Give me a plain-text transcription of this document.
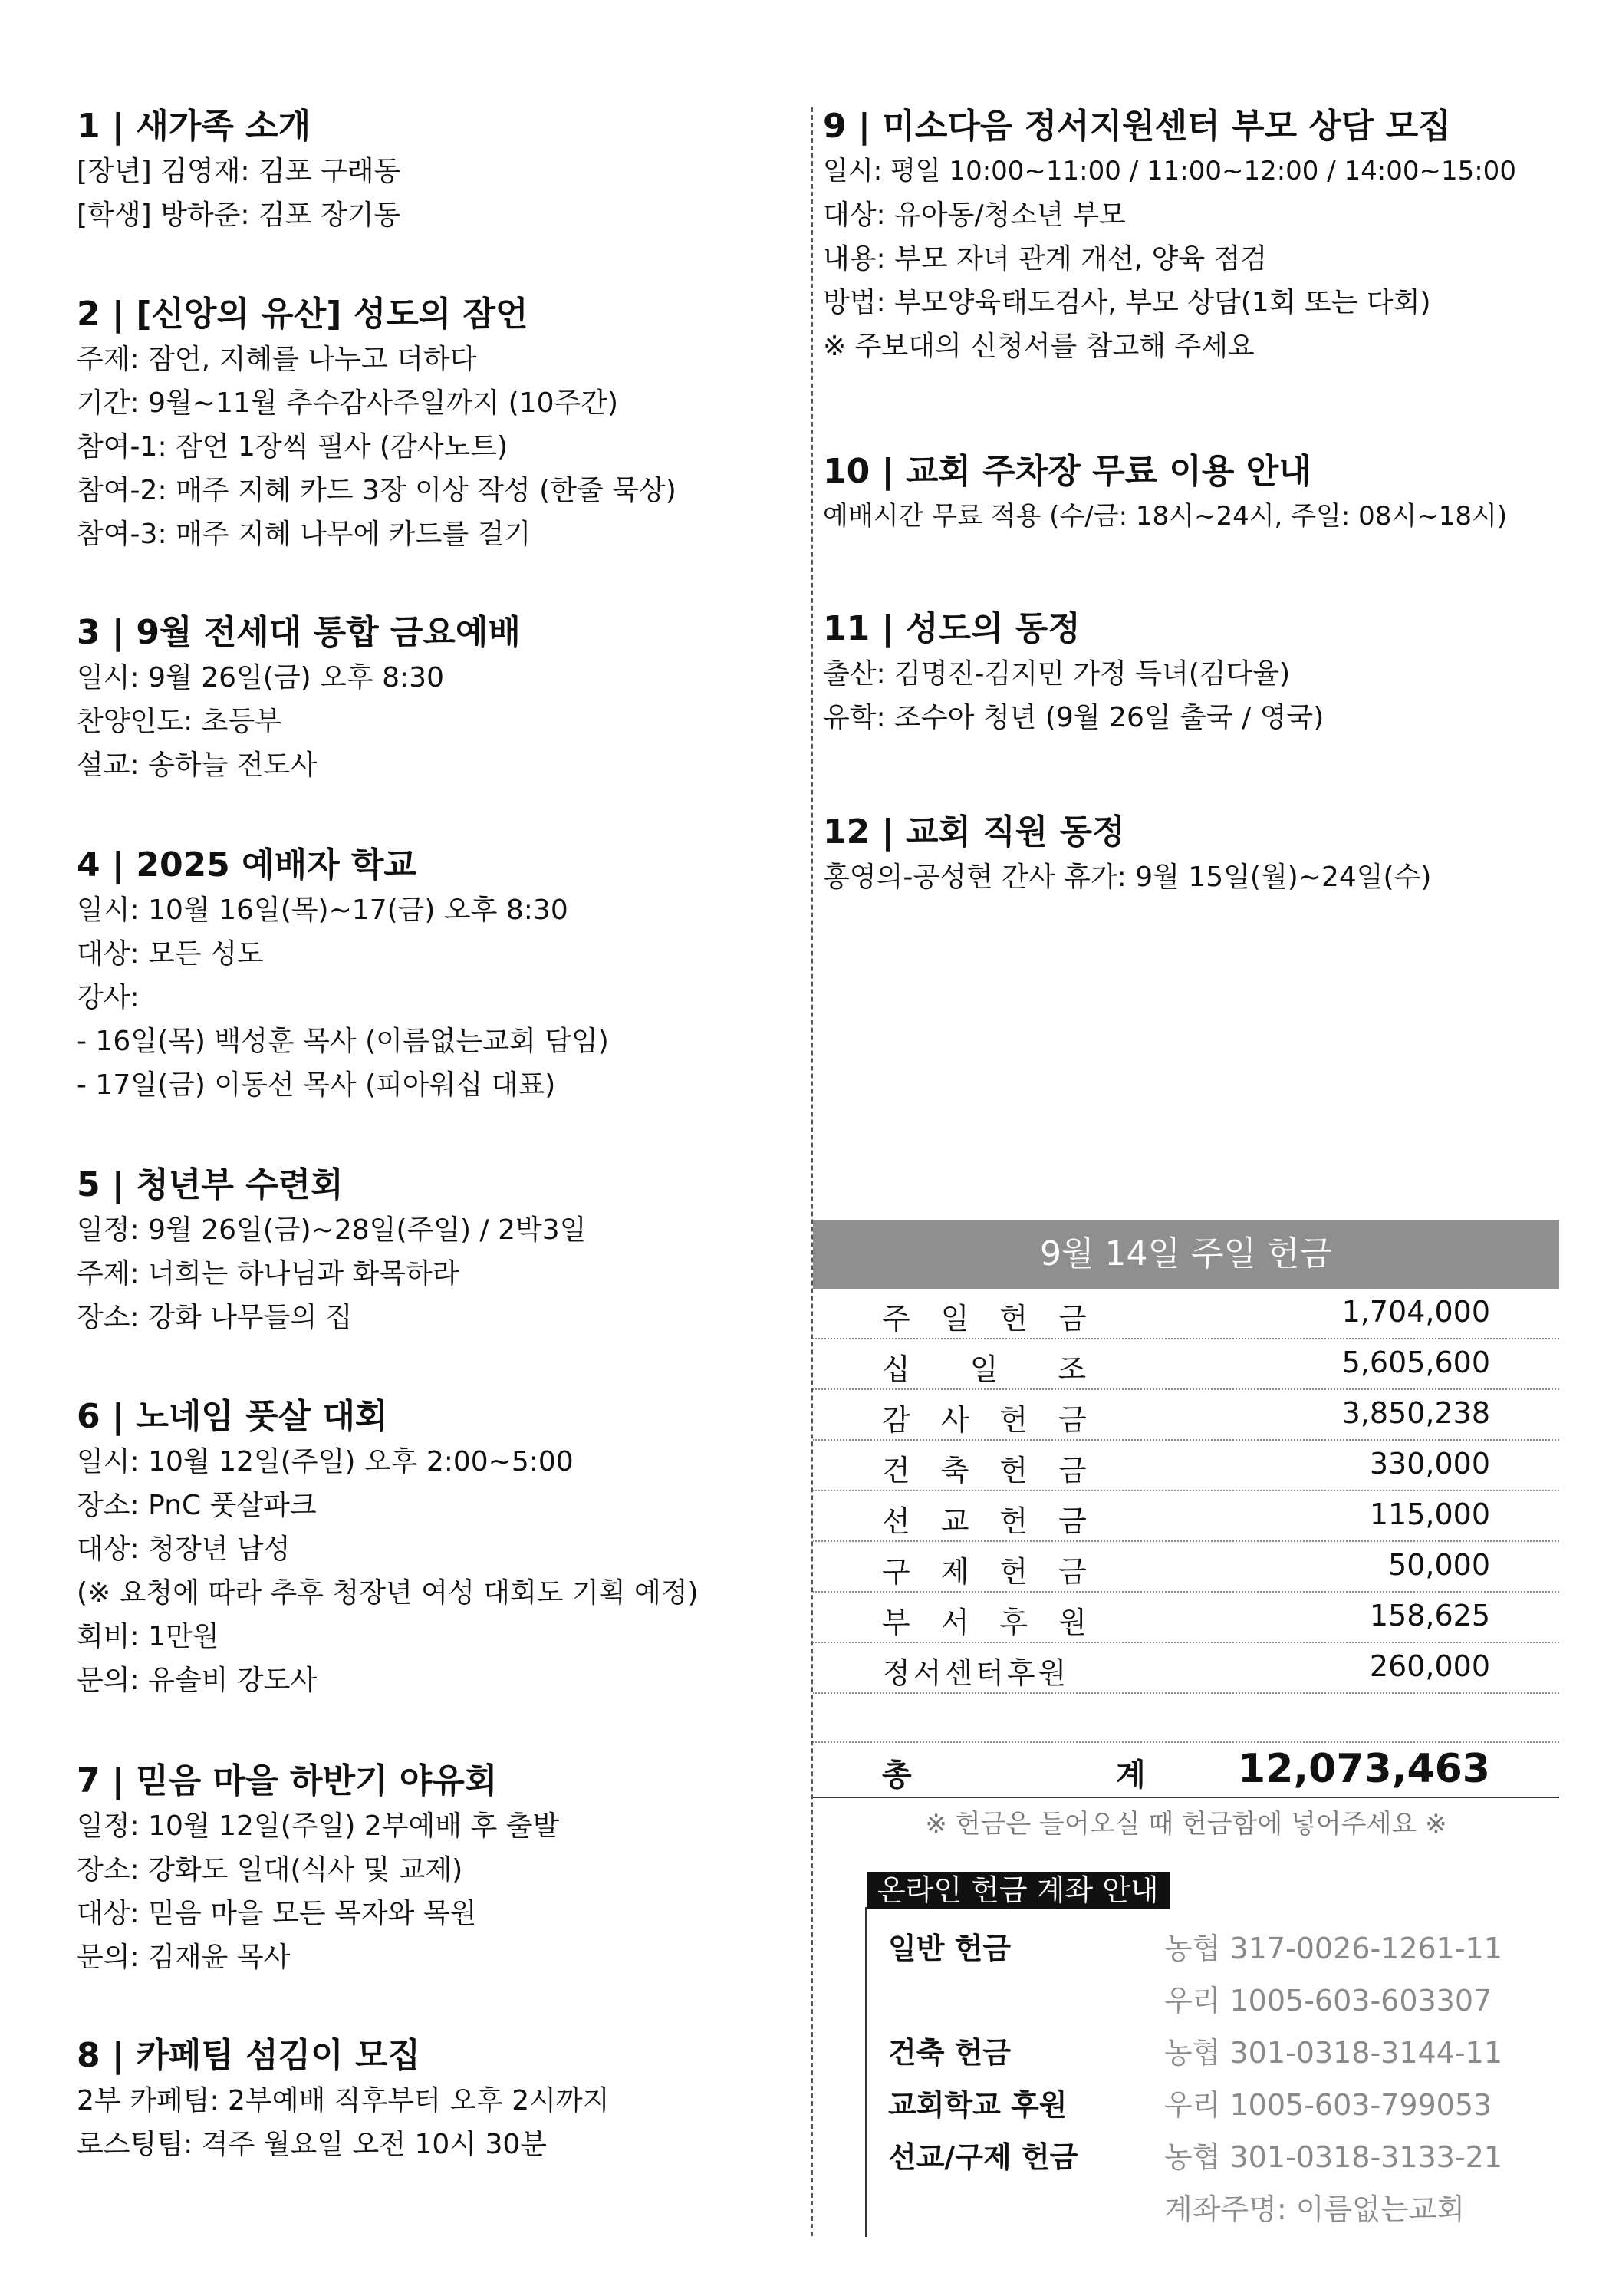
1 | 새가족 소개

[장년] 김영재: 김포 구래동

[학생] 방하준: 김포 장기동

2 | [신앙의 유산] 성도의 잠언

주제: 잠언, 지혜를 나누고 더하다

기간: 9월~11월 추수감사주일까지 (10주간)

참여-1: 잠언 1장씩 필사 (감사노트)

참여-2: 매주 지혜 카드 3장 이상 작성 (한줄 묵상)

참여-3: 매주 지혜 나무에 카드를 걸기

3 | 9월 전세대 통합 금요예배

일시: 9월 26일(금) 오후 8:30

찬양인도: 초등부

설교: 송하늘 전도사

4 | 2025 예배자 학교

일시: 10월 16일(목)~17(금) 오후 8:30

대상: 모든 성도

강사:

- 16일(목) 백성훈 목사 (이름없는교회 담임)

- 17일(금) 이동선 목사 (피아워십 대표)

5 | 청년부 수련회

일정: 9월 26일(금)~28일(주일) / 2박3일

주제: 너희는 하나님과 화목하라

장소: 강화 나무들의 집

6 | 노네임 풋살 대회

일시: 10월 12일(주일) 오후 2:00~5:00

장소: PnC 풋살파크

대상: 청장년 남성

(※ 요청에 따라 추후 청장년 여성 대회도 기획 예정)

회비: 1만원

문의: 유솔비 강도사

7 | 믿음 마을 하반기 야유회

일정: 10월 12일(주일) 2부예배 후 출발

장소: 강화도 일대(식사 및 교제)

대상: 믿음 마을 모든 목자와 목원

문의: 김재윤 목사

8 | 카페팀 섬김이 모집

2부 카페팀: 2부예배 직후부터 오후 2시까지

로스팅팀: 격주 월요일 오전 10시 30분

9 | 미소다음 정서지원센터 부모 상담 모집

일시: 평일 10:00~11:00 / 11:00~12:00 / 14:00~15:00

대상: 유아동/청소년 부모

내용: 부모 자녀 관계 개선, 양육 점검

방법: 부모양육태도검사, 부모 상담(1회 또는 다회)

※ 주보대의 신청서를 참고해 주세요

10 | 교회 주차장 무료 이용 안내

예배시간 무료 적용 (수/금: 18시~24시, 주일: 08시~18시)

11 | 성도의 동정

출산: 김명진-김지민 가정 득녀(김다율)

유학: 조수아 청년 (9월 26일 출국 / 영국)

12 | 교회 직원 동정

홍영의-공성현 간사 휴가: 9월 15일(월)~24일(수)

9월 14일 주일 헌금
주일헌금	1,704,000
십일조	5,605,600
감사헌금	3,850,238
건축헌금	330,000
선교헌금	115,000
구제헌금	50,000
부서후원	158,625
정서센터후원	260,000
총	계 12,073,463
※ 헌금은 들어오실 때 헌금함에 넣어주세요 ※
온라인 헌금 계좌 안내
일반 헌금	농협 317-0026-1261-11
우리 1005-603-603307
건축 헌금	농협 301-0318-3144-11
교회학교 후원	우리 1005-603-799053
선교/구제 헌금	농협 301-0318-3133-21
계좌주명: 이름없는교회
